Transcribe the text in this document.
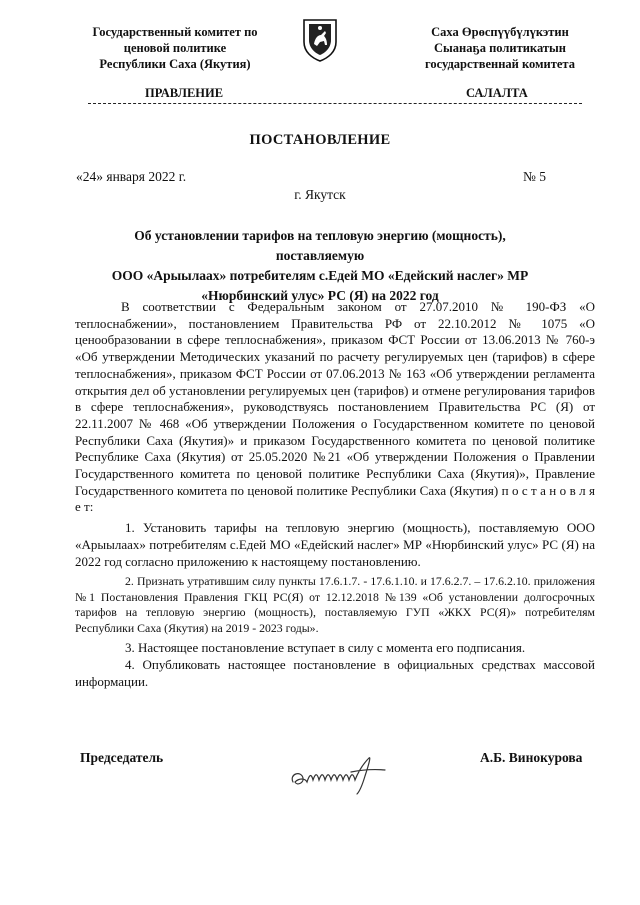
Государственный комитет по
ценовой политике
Республики Саха (Якутия)
Саха Өрөспүүбүлүкэтин
Сыанаҕа политикатын
государственнай комитета
ПРАВЛЕНИЕ	САЛАЛТА
ПОСТАНОВЛЕНИЕ
«24» января 2022 г.	№ 5
г. Якутск
Об установлении тарифов на тепловую энергию (мощность), поставляемую
ООО «Арыылаах» потребителям с.Едей МО «Едейский наслег» МР
«Нюрбинский улус» РС (Я) на 2022 год

В соответствии с Федеральным законом от 27.07.2010 № 190-ФЗ «О теплоснабжении», постановлением Правительства РФ от 22.10.2012 № 1075 «О ценообразовании в сфере теплоснабжения», приказом ФСТ России от 13.06.2013 № 760-э «Об утверждении Методических указаний по расчету регулируемых цен (тарифов) в сфере теплоснабжения», приказом ФСТ России от 07.06.2013 № 163 «Об утверждении регламента открытия дел об установлении регулируемых цен (тарифов) и отмене регулирования тарифов в сфере теплоснабжения», руководствуясь постановлением Правительства РС (Я) от 22.11.2007 № 468 «Об утверждении Положения о Государственном комитете по ценовой Республики Саха (Якутия)» и приказом Государственного комитета по ценовой политике Республике Саха (Якутия) от 25.05.2020 №21 «Об утверждении Положения о Правлении Государственного комитета по ценовой политике Республики Саха (Якутия)», Правление Государственного комитета по ценовой политике Республики Саха (Якутия) п о с т а н о в л я е т:

1. Установить тарифы на тепловую энергию (мощность), поставляемую ООО «Арыылаах» потребителям с.Едей МО «Едейский наслег» МР «Нюрбинский улус» РС (Я) на 2022 год согласно приложению к настоящему постановлению.

2. Признать утратившим силу пункты 17.6.1.7. - 17.6.1.10. и 17.6.2.7. – 17.6.2.10. приложения №1 Постановления Правления ГКЦ РС(Я) от 12.12.2018 №139 «Об установлении долгосрочных тарифов на тепловую энергию (мощность), поставляемую ГУП «ЖКХ РС(Я)» потребителям Республики Саха (Якутия) на 2019 - 2023 годы».

3. Настоящее постановление вступает в силу с момента его подписания.

4. Опубликовать настоящее постановление в официальных средствах массовой информации.

Председатель	А.Б. Винокурова
